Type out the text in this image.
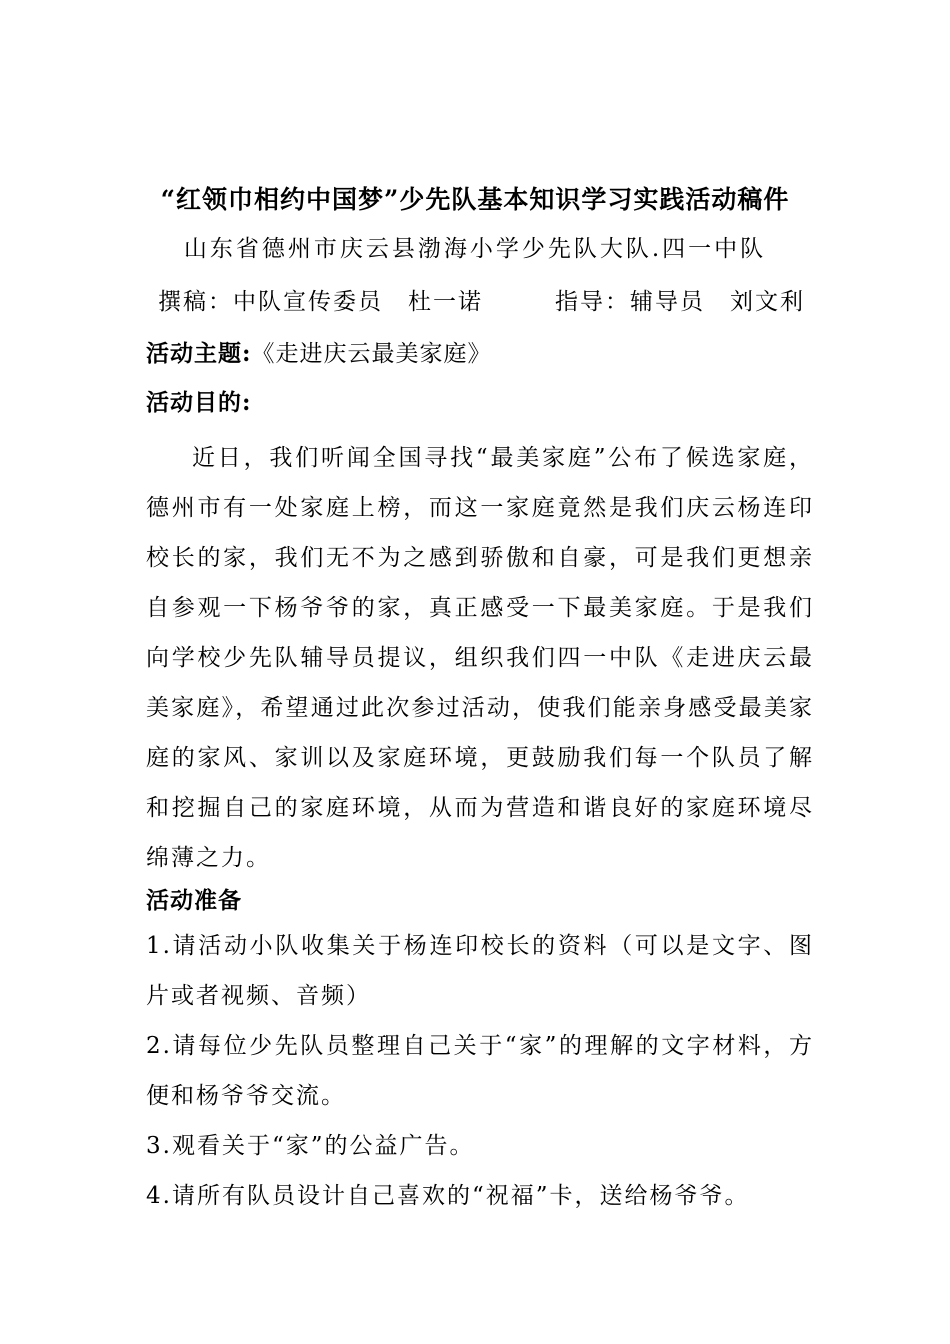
“红领巾相约中国梦”少先队基本知识学习实践活动稿件
山东省德州市庆云县渤海小学少先队大队.四一中队
撰稿：中队宣传委员　杜一诺	指导：辅导员　刘文利
活动主题:《走进庆云最美家庭》
活动目的:
近日，我们听闻全国寻找“最美家庭”公布了候选家庭，德州市有一处家庭上榜，而这一家庭竟然是我们庆云杨连印校长的家，我们无不为之感到骄傲和自豪，可是我们更想亲自参观一下杨爷爷的家，真正感受一下最美家庭。于是我们向学校少先队辅导员提议，组织我们四一中队《走进庆云最美家庭》，希望通过此次参过活动，使我们能亲身感受最美家庭的家风、家训以及家庭环境，更鼓励我们每一个队员了解和挖掘自己的家庭环境，从而为营造和谐良好的家庭环境尽绵薄之力。
活动准备
1.请活动小队收集关于杨连印校长的资料（可以是文字、图片或者视频、音频）
2.请每位少先队员整理自己关于“家”的理解的文字材料，方便和杨爷爷交流。
3.观看关于“家”的公益广告。
4.请所有队员设计自己喜欢的“祝福”卡，送给杨爷爷。
